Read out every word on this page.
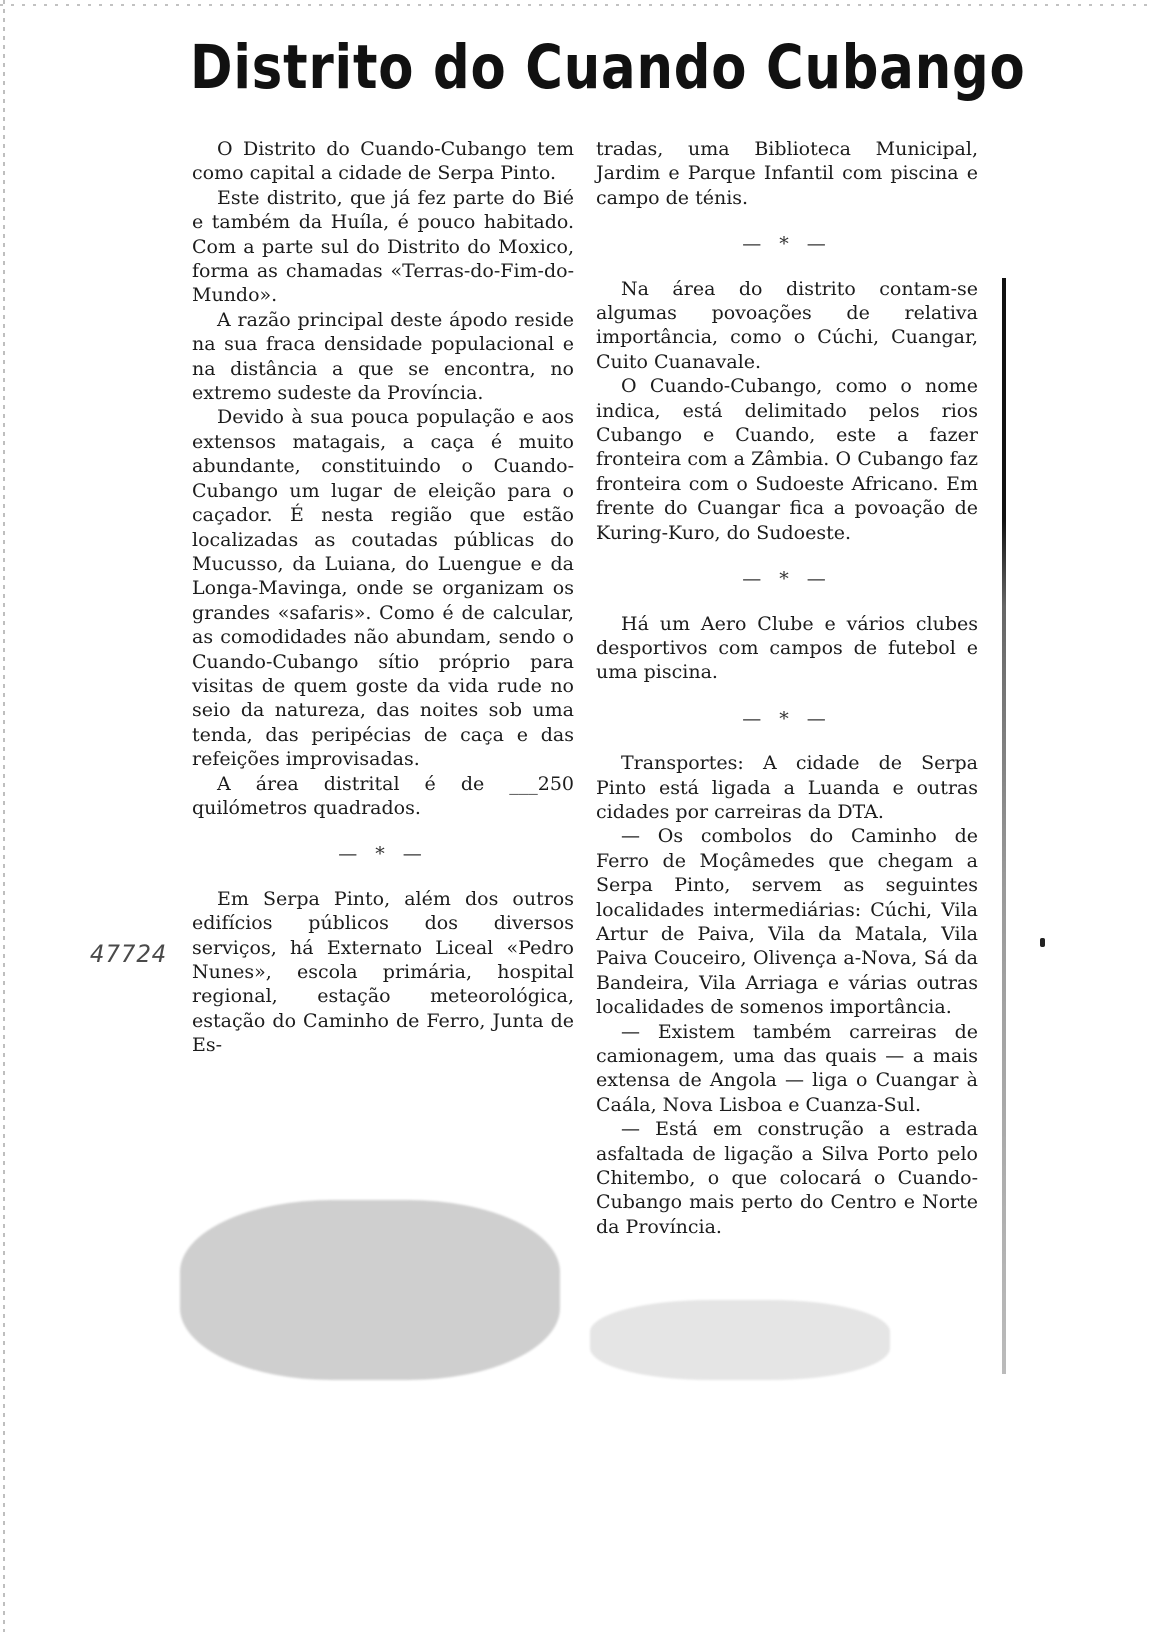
Distrito do Cuando Cubango

O Distrito do Cuando-Cubango tem como capital a cidade de Serpa Pinto.

Este distrito, que já fez parte do Bié e também da Huíla, é pouco habitado. Com a parte sul do Distrito do Moxico, forma as chamadas «Terras-do-Fim-do-Mundo».

A razão principal deste ápodo reside na sua fraca densidade populacional e na distância a que se encontra, no extremo sudeste da Província.

Devido à sua pouca população e aos extensos matagais, a caça é muito abundante, constituindo o Cuando-Cubango um lugar de eleição para o caçador. É nesta região que estão localizadas as coutadas públicas do Mucusso, da Luiana, do Luengue e da Longa-Mavinga, onde se organizam os grandes «safaris». Como é de calcular, as comodidades não abundam, sendo o Cuando-Cubango sítio próprio para visitas de quem goste da vida rude no seio da natureza, das noites sob uma tenda, das peripécias de caça e das refeições improvisadas.

A área distrital é de ___250 quilómetros quadrados.

— * —

Em Serpa Pinto, além dos outros edifícios públicos dos diversos serviços, há Externato Liceal «Pedro Nunes», escola primária, hospital regional, estação meteorológica, estação do Caminho de Ferro, Junta de Es-

tradas, uma Biblioteca Municipal, Jardim e Parque Infantil com piscina e campo de ténis.

— * —

Na área do distrito contam-se algumas povoações de relativa importância, como o Cúchi, Cuangar, Cuito Cuanavale.

O Cuando-Cubango, como o nome indica, está delimitado pelos rios Cubango e Cuando, este a fazer fronteira com a Zâmbia. O Cubango faz fronteira com o Sudoeste Africano. Em frente do Cuangar fica a povoação de Kuring-Kuro, do Sudoeste.

— * —

Há um Aero Clube e vários clubes desportivos com campos de futebol e uma piscina.

— * —

Transportes: A cidade de Serpa Pinto está ligada a Luanda e outras cidades por carreiras da DTA.

— Os combolos do Caminho de Ferro de Moçâmedes que chegam a Serpa Pinto, servem as seguintes localidades intermediárias: Cúchi, Vila Artur de Paiva, Vila da Matala, Vila Paiva Couceiro, Olivença a-Nova, Sá da Bandeira, Vila Arriaga e várias outras localidades de somenos importância.

— Existem também carreiras de camionagem, uma das quais — a mais extensa de Angola — liga o Cuangar à Caála, Nova Lisboa e Cuanza-Sul.

— Está em construção a estrada asfaltada de ligação a Silva Porto pelo Chitembo, o que colocará o Cuando-Cubango mais perto do Centro e Norte da Província.

47724
